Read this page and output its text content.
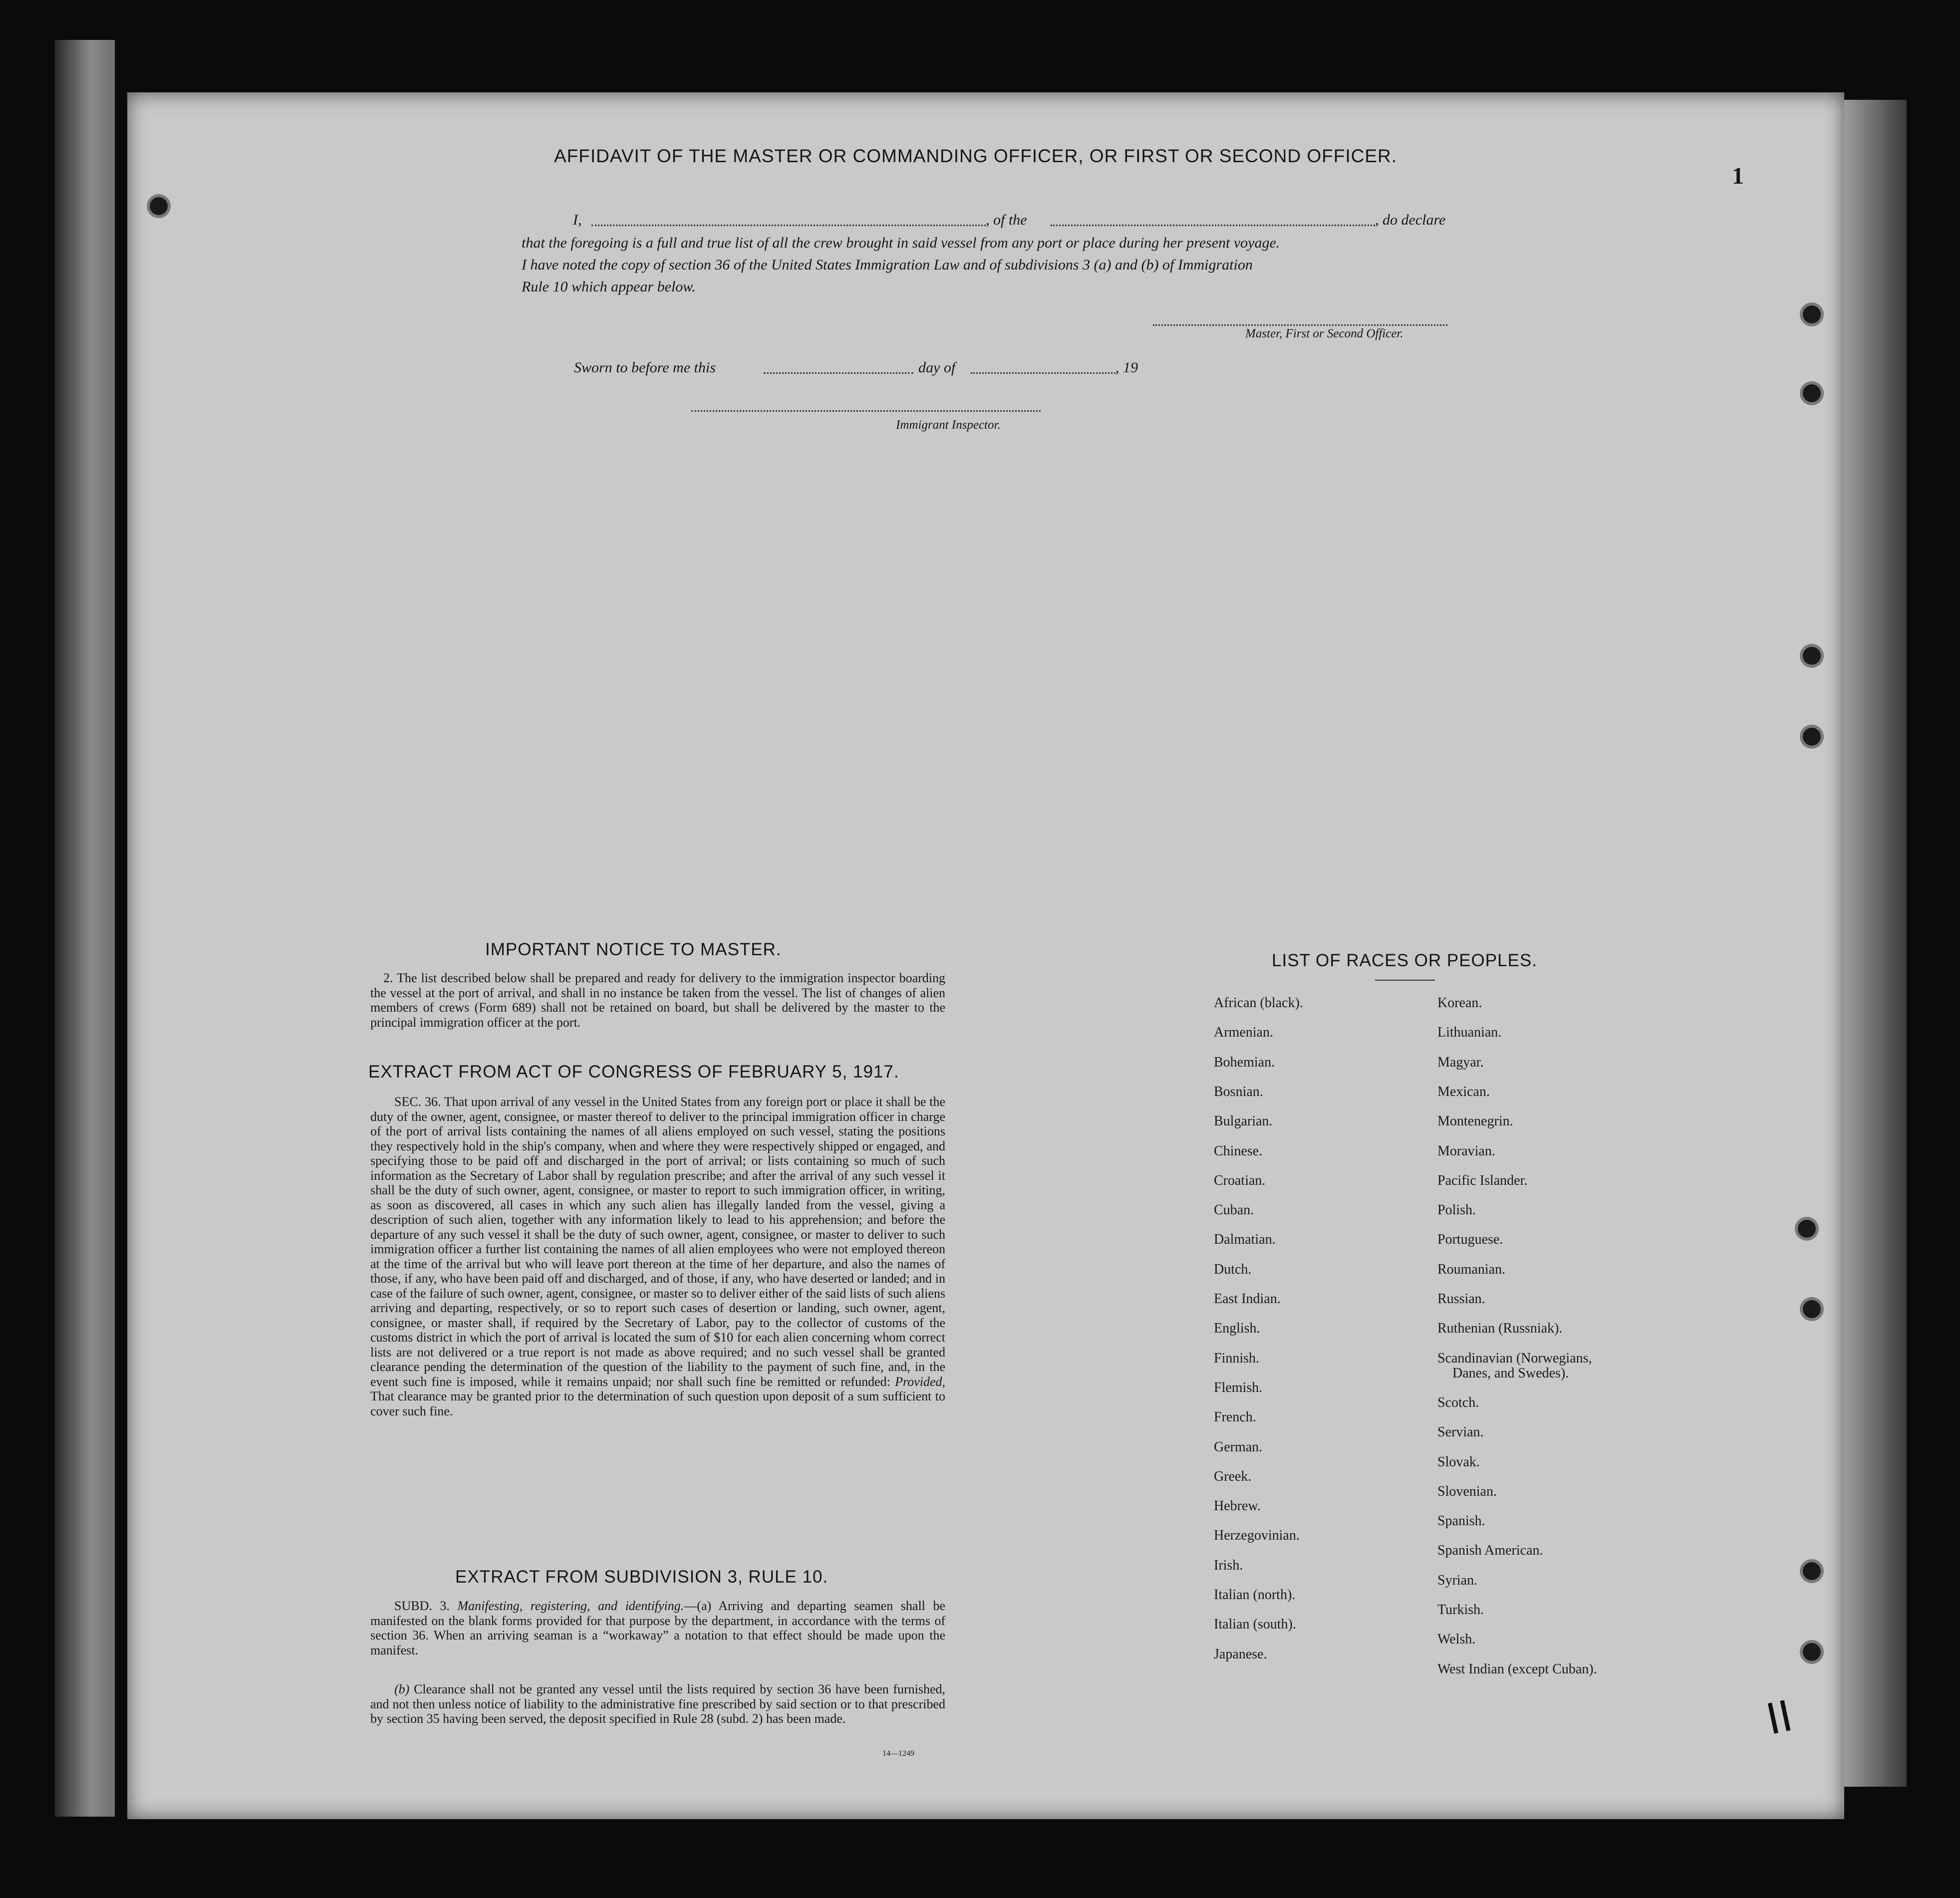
1
AFFIDAVIT OF THE MASTER OR COMMANDING OFFICER, OR FIRST OR SECOND OFFICER.
I,	, of the	, do declare
that the foregoing is a full and true list of all the crew brought in said vessel from any port or place during her present voyage.
I have noted the copy of section 36 of the United States Immigration Law and of subdivisions 3 (a) and (b) of Immigration
Rule 10 which appear below.
Master, First or Second Officer.
Sworn to before me this	day of	, 19
Immigrant Inspector.
IMPORTANT NOTICE TO MASTER.
2. The list described below shall be prepared and ready for delivery to the immigration inspector boarding the vessel at the port of arrival, and shall in no instance be taken from the vessel. The list of changes of alien members of crews (Form 689) shall not be retained on board, but shall be delivered by the master to the principal immigration officer at the port.
EXTRACT FROM ACT OF CONGRESS OF FEBRUARY 5, 1917.
SEC. 36. That upon arrival of any vessel in the United States from any foreign port or place it shall be the duty of the owner, agent, consignee, or master thereof to deliver to the principal immigration officer in charge of the port of arrival lists containing the names of all aliens employed on such vessel, stating the positions they respectively hold in the ship's company, when and where they were respectively shipped or engaged, and specifying those to be paid off and discharged in the port of arrival; or lists containing so much of such information as the Secretary of Labor shall by regulation prescribe; and after the arrival of any such vessel it shall be the duty of such owner, agent, consignee, or master to report to such immigration officer, in writing, as soon as discovered, all cases in which any such alien has illegally landed from the vessel, giving a description of such alien, together with any information likely to lead to his apprehension; and before the departure of any such vessel it shall be the duty of such owner, agent, consignee, or master to deliver to such immigration officer a further list containing the names of all alien employees who were not employed thereon at the time of the arrival but who will leave port thereon at the time of her departure, and also the names of those, if any, who have been paid off and discharged, and of those, if any, who have deserted or landed; and in case of the failure of such owner, agent, consignee, or master so to deliver either of the said lists of such aliens arriving and departing, respectively, or so to report such cases of desertion or landing, such owner, agent, consignee, or master shall, if required by the Secretary of Labor, pay to the collector of customs of the customs district in which the port of arrival is located the sum of $10 for each alien concerning whom correct lists are not delivered or a true report is not made as above required; and no such vessel shall be granted clearance pending the determination of the question of the liability to the payment of such fine, and, in the event such fine is imposed, while it remains unpaid; nor shall such fine be remitted or refunded: Provided, That clearance may be granted prior to the determination of such question upon deposit of a sum sufficient to cover such fine.
EXTRACT FROM SUBDIVISION 3, RULE 10.
SUBD. 3. Manifesting, registering, and identifying.—(a) Arriving and departing seamen shall be manifested on the blank forms provided for that purpose by the department, in accordance with the terms of section 36. When an arriving seaman is a “workaway” a notation to that effect should be made upon the manifest.
(b) Clearance shall not be granted any vessel until the lists required by section 36 have been furnished, and not then unless notice of liability to the administrative fine prescribed by said section or to that prescribed by section 35 having been served, the deposit specified in Rule 28 (subd. 2) has been made.
14—1249
LIST OF RACES OR PEOPLES.
African (black).
Armenian.
Bohemian.
Bosnian.
Bulgarian.
Chinese.
Croatian.
Cuban.
Dalmatian.
Dutch.
East Indian.
English.
Finnish.
Flemish.
French.
German.
Greek.
Hebrew.
Herzegovinian.
Irish.
Italian (north).
Italian (south).
Japanese.
Korean.
Lithuanian.
Magyar.
Mexican.
Montenegrin.
Moravian.
Pacific Islander.
Polish.
Portuguese.
Roumanian.
Russian.
Ruthenian (Russniak).
Scandinavian (Norwegians,
Danes, and Swedes).
Scotch.
Servian.
Slovak.
Slovenian.
Spanish.
Spanish American.
Syrian.
Turkish.
Welsh.
West Indian (except Cuban).
II
